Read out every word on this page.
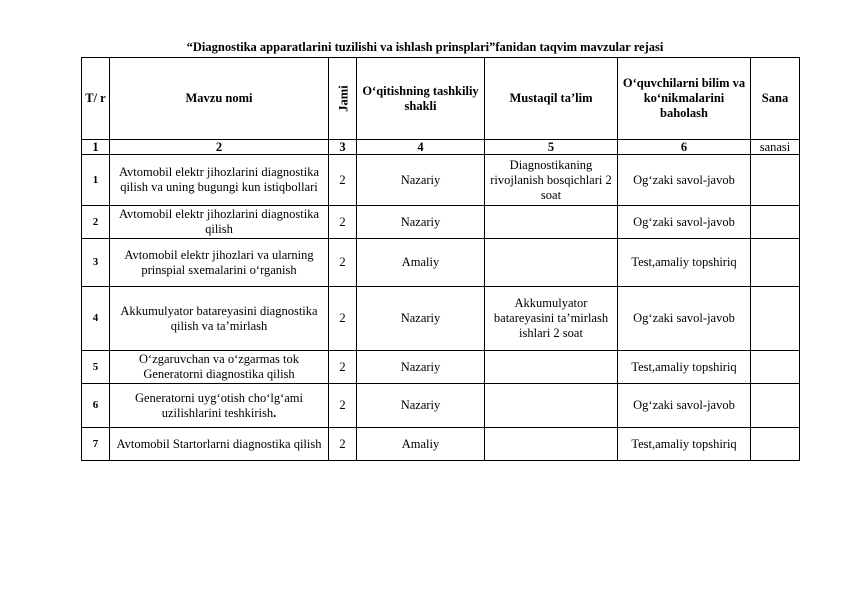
“Diagnostika apparatlarini tuzilishi va ishlash prinsplari”fanidan taqvim mavzular rejasi
T/ r	Mavzu nomi	Jami	O‘qitishning tashkiliy shakli	Mustaqil ta’lim	O‘quvchilarni bilim va ko‘nikmalarini baholash	Sana
1	2	3	4	5	6	sanasi
1	Avtomobil elektr jihozlarini diagnostika qilish va uning bugungi kun istiqbollari	2	Nazariy	Diagnostikaning rivojlanish bosqichlari 2 soat	Og‘zaki savol-javob	
2	Avtomobil elektr jihozlarini diagnostika qilish	2	Nazariy		Og‘zaki savol-javob	
3	Avtomobil elektr jihozlari va ularning prinspial sxemalarini o‘rganish	2	Amaliy		Test,amaliy topshiriq	
4	Akkumulyator batareyasini diagnostika qilish va ta’mirlash	2	Nazariy	Akkumulyator batareyasini ta’mirlash ishlari 2 soat	Og‘zaki savol-javob	
5	O‘zgaruvchan va o‘zgarmas tok Generatorni diagnostika qilish	2	Nazariy		Test,amaliy topshiriq	
6	Generatorni uyg‘otish cho‘lg‘ami uzilishlarini teshkirish.	2	Nazariy		Og‘zaki savol-javob	
7	Avtomobil Startorlarni diagnostika qilish	2	Amaliy		Test,amaliy topshiriq	
